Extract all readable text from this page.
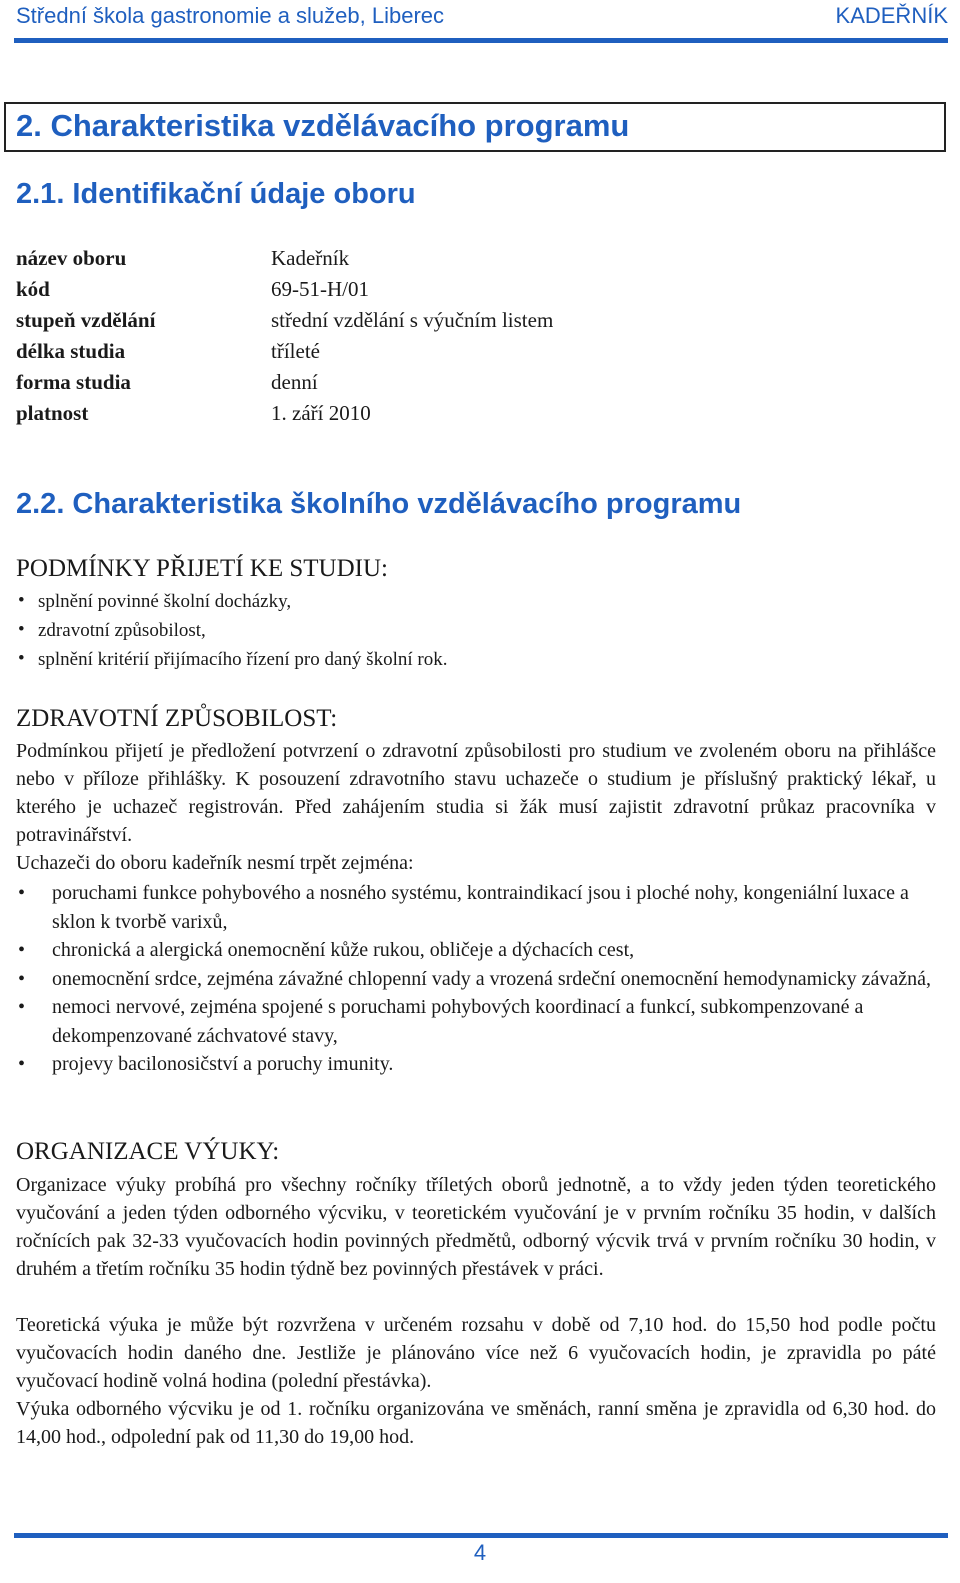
Střední škola gastronomie a služeb, Liberec	KADEŘNÍK
2. Charakteristika vzdělávacího programu
2.1. Identifikační údaje oboru
název oboru	Kadeřník
kód	69-51-H/01
stupeň vzdělání	střední vzdělání s výučním listem
délka studia	tříleté
forma studia	denní
platnost	1. září 2010
2.2. Charakteristika školního vzdělávacího programu
PODMÍNKY PŘIJETÍ KE STUDIU:
• splnění povinné školní docházky,
• zdravotní způsobilost,
• splnění kritérií přijímacího řízení pro daný školní rok.
ZDRAVOTNÍ ZPŮSOBILOST:

Podmínkou přijetí je předložení potvrzení o zdravotní způsobilosti pro studium ve zvoleném oboru na přihlášce nebo v příloze přihlášky. K posouzení zdravotního stavu uchazeče o studium je příslušný praktický lékař, u kterého je uchazeč registrován. Před zahájením studia si žák musí zajistit zdravotní průkaz pracovníka v potravinářství.

Uchazeči do oboru kadeřník nesmí trpět zejména:

• poruchami funkce pohybového a nosného systému, kontraindikací jsou i ploché nohy, kongeniální luxace a sklon k tvorbě varixů,
• chronická a alergická onemocnění kůže rukou, obličeje a dýchacích cest,
• onemocnění srdce, zejména závažné chlopenní vady a vrozená srdeční onemocnění hemodynamicky závažná,
• nemoci nervové, zejména spojené s poruchami pohybových koordinací a funkcí, subkompenzované a dekompenzované záchvatové stavy,
• projevy bacilonosičství a poruchy imunity.
ORGANIZACE VÝUKY:

Organizace výuky probíhá pro všechny ročníky tříletých oborů jednotně, a to vždy jeden týden teoretického vyučování a jeden týden odborného výcviku, v teoretickém vyučování je v prvním ročníku 35 hodin, v dalších ročnících pak 32-33 vyučovacích hodin povinných předmětů, odborný výcvik trvá v prvním ročníku 30 hodin, v druhém a třetím ročníku 35 hodin týdně bez povinných přestávek v práci.

Teoretická výuka je může být rozvržena v určeném rozsahu v době od 7,10 hod. do 15,50 hod podle počtu vyučovacích hodin daného dne. Jestliže je plánováno více než 6 vyučovacích hodin, je zpravidla po páté vyučovací hodině volná hodina (polední přestávka).

Výuka odborného výcviku je od 1. ročníku organizována ve směnách, ranní směna je zpravidla od 6,30 hod. do 14,00 hod., odpolední pak od 11,30 do 19,00 hod.

4
